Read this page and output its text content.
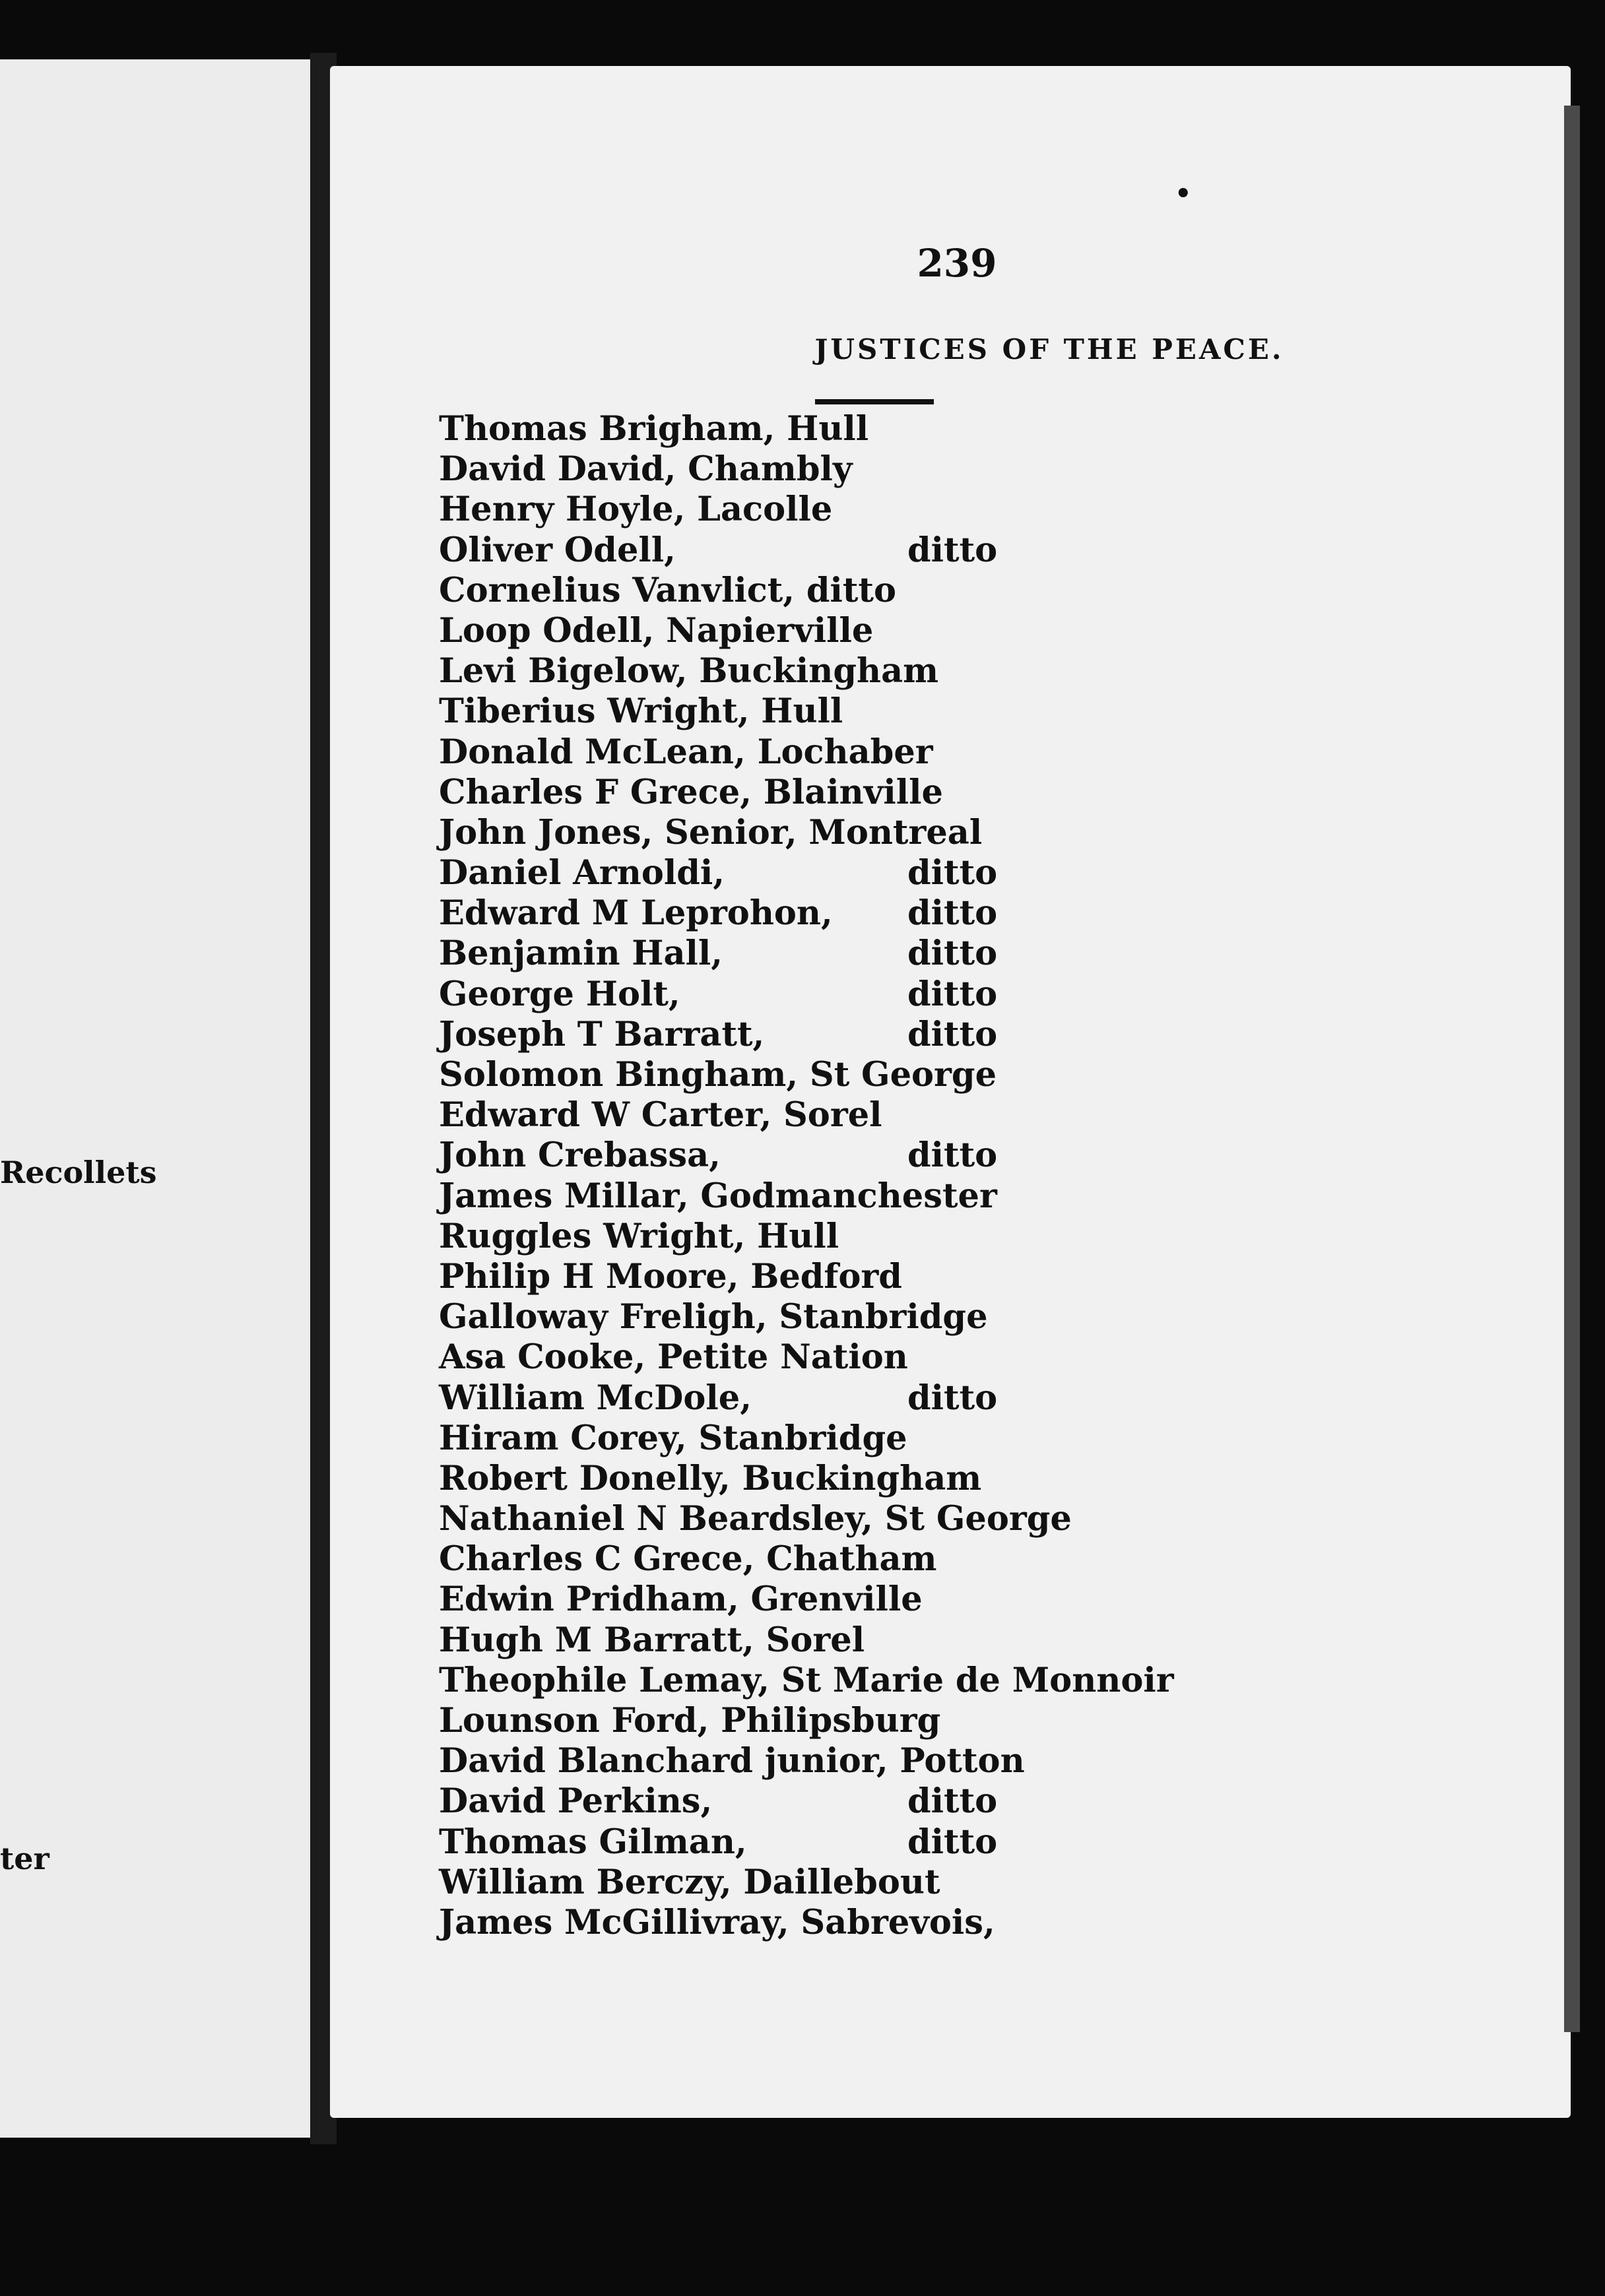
Recollets
ter
239
JUSTICES OF THE PEACE.
•
Thomas Brigham, Hull
David David, Chambly
Henry Hoyle, Lacolle
Oliver Odell,	ditto
Cornelius Vanvlict, ditto
Loop Odell, Napierville
Levi Bigelow, Buckingham
Tiberius Wright, Hull
Donald McLean, Lochaber
Charles F Grece, Blainville
John Jones, Senior, Montreal
Daniel Arnoldi,	ditto
Edward M Leprohon, ditto
Benjamin Hall,	ditto
George Holt,	ditto
Joseph T Barratt,	ditto
Solomon Bingham, St George
Edward W Carter, Sorel
John Crebassa,	ditto
James Millar, Godmanchester
Ruggles Wright, Hull
Philip H Moore, Bedford
Galloway Freligh, Stanbridge
Asa Cooke, Petite Nation
William McDole,	ditto
Hiram Corey, Stanbridge
Robert Donelly, Buckingham
Nathaniel N Beardsley, St George
Charles C Grece, Chatham
Edwin Pridham, Grenville
Hugh M Barratt, Sorel
Theophile Lemay, St Marie de Monnoir
Lounson Ford, Philipsburg
David Blanchard junior, Potton
David Perkins,	ditto
Thomas Gilman,	ditto
William Berczy, Daillebout
James McGillivray, Sabrevois,
